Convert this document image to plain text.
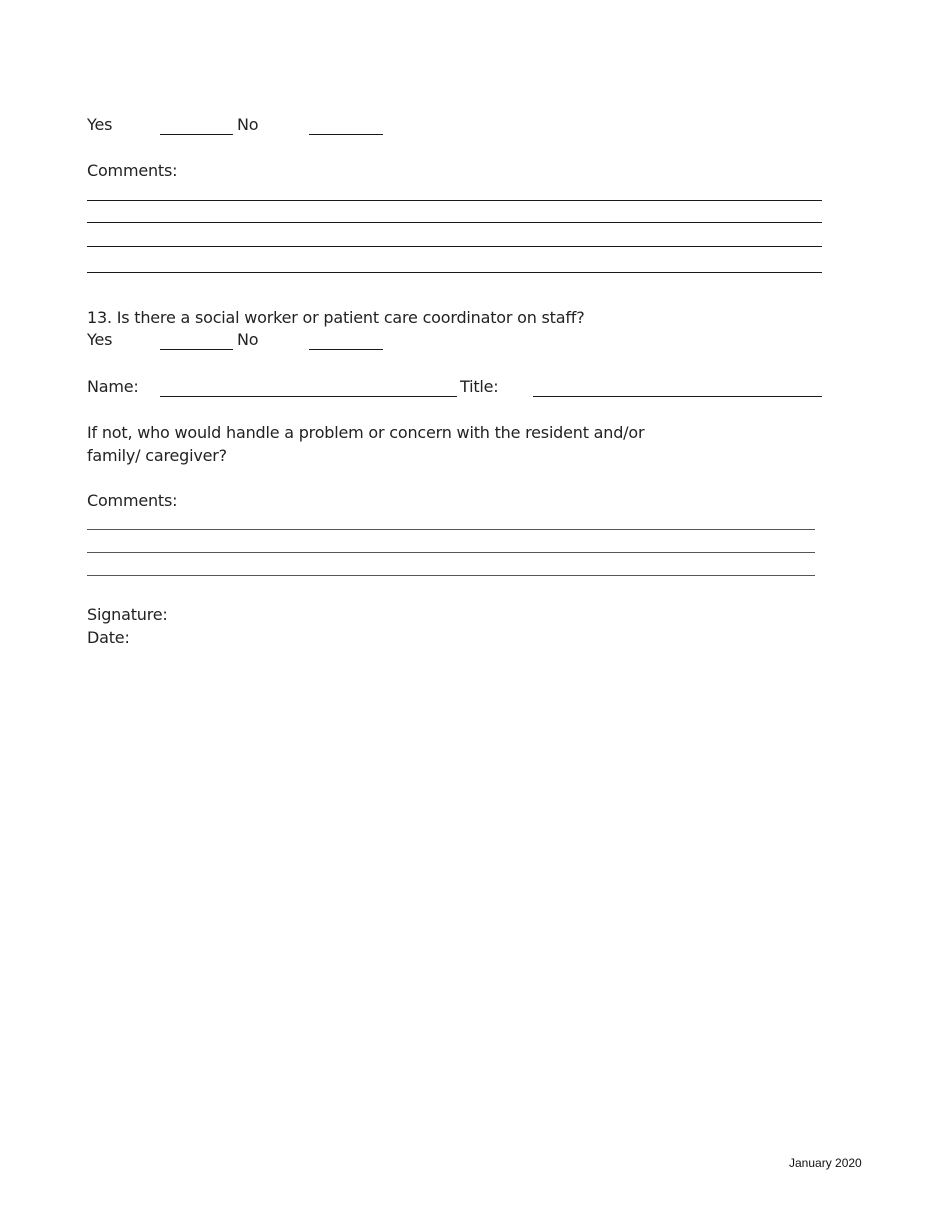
Yes	No
Comments:
13. Is there a social worker or patient care coordinator on staff?
Yes	No
Name:	Title:
If not, who would handle a problem or concern with the resident and/or family/ caregiver?
Comments:
Signature:
Date:
January 2020
